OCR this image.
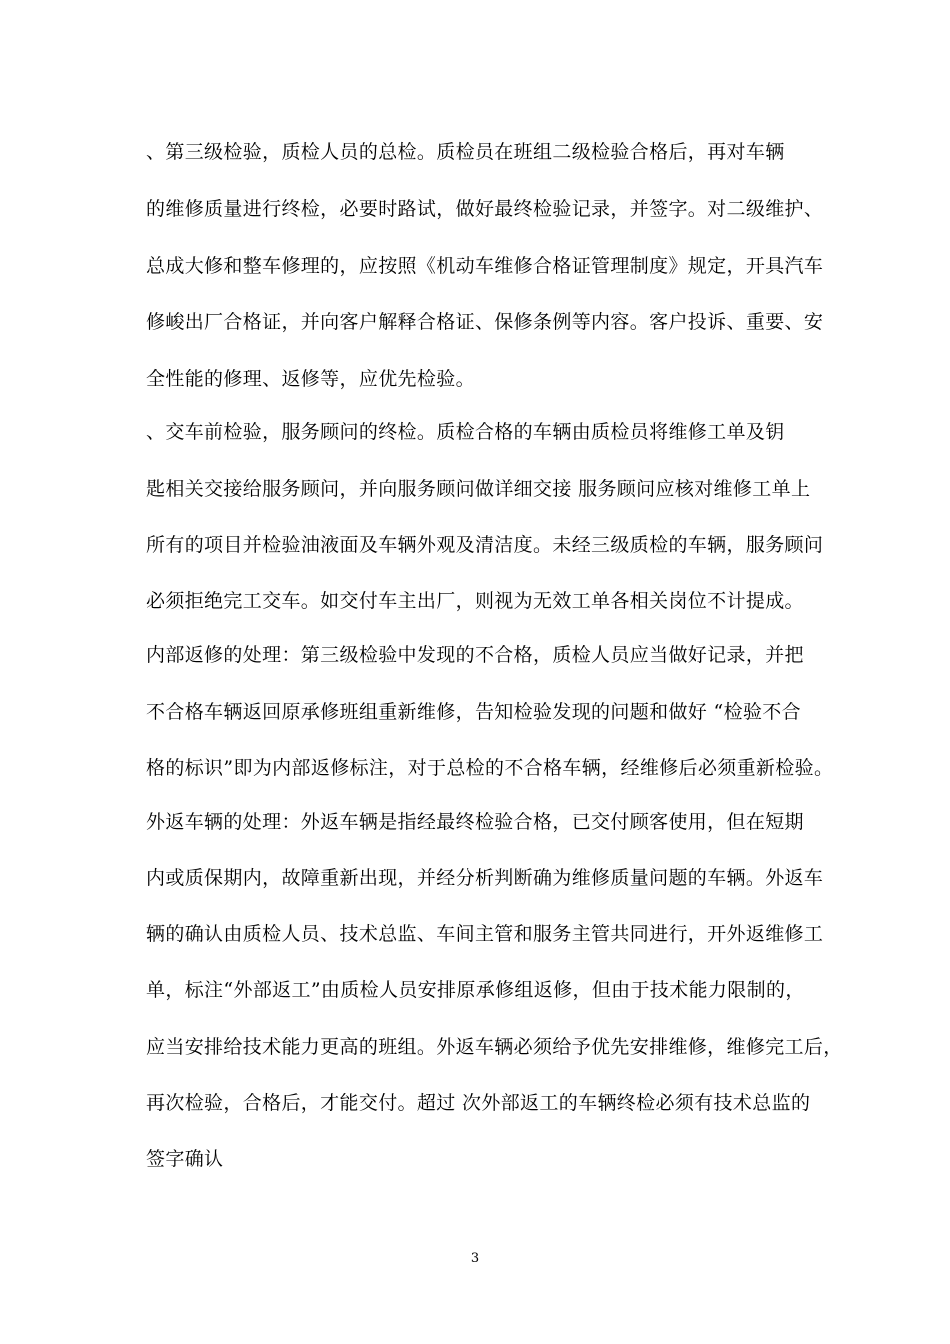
、第三级检验，质检人员的总检。质检员在班组二级检验合格后，再对车辆
的维修质量进行终检，必要时路试，做好最终检验记录，并签字。对二级维护、
总成大修和整车修理的，应按照《机动车维修合格证管理制度》规定，开具汽车
修峻出厂合格证，并向客户解释合格证、保修条例等内容。客户投诉、重要、安
全性能的修理、返修等，应优先检验。
、交车前检验，服务顾问的终检。质检合格的车辆由质检员将维修工单及钥
匙相关交接给服务顾问，并向服务顾问做详细交接 服务顾问应核对维修工单上
所有的项目并检验油液面及车辆外观及清洁度。未经三级质检的车辆，服务顾问
必须拒绝完工交车。如交付车主出厂，则视为无效工单各相关岗位不计提成。
内部返修的处理：第三级检验中发现的不合格，质检人员应当做好记录，并把
不合格车辆返回原承修班组重新维修，告知检验发现的问题和做好 “检验不合
格的标识”即为内部返修标注，对于总检的不合格车辆，经维修后必须重新检验。
外返车辆的处理：外返车辆是指经最终检验合格，已交付顾客使用，但在短期
内或质保期内，故障重新出现，并经分析判断确为维修质量问题的车辆。外返车
辆的确认由质检人员、技术总监、车间主管和服务主管共同进行，开外返维修工
单，标注“外部返工”由质检人员安排原承修组返修，但由于技术能力限制的，
应当安排给技术能力更高的班组。外返车辆必须给予优先安排维修，维修完工后，
再次检验，合格后，才能交付。超过 次外部返工的车辆终检必须有技术总监的
签字确认
3
